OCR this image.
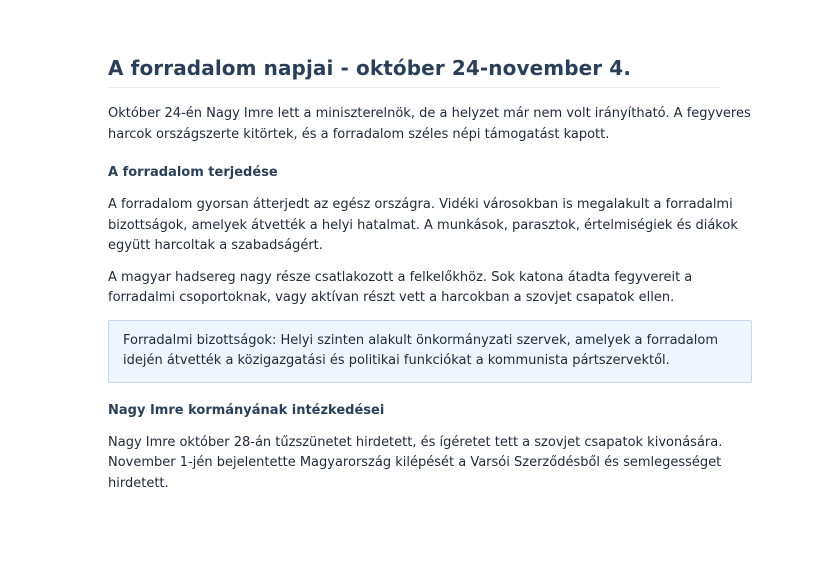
A forradalom napjai - október 24-november 4.

Október 24-én Nagy Imre lett a miniszterelnök, de a helyzet már nem volt irányítható. A fegyveres harcok országszerte kitörtek, és a forradalom széles népi támogatást kapott.

A forradalom terjedése

A forradalom gyorsan átterjedt az egész országra. Vidéki városokban is megalakult a forradalmi bizottságok, amelyek átvették a helyi hatalmat. A munkások, parasztok, értelmiségiek és diákok együtt harcoltak a szabadságért.

A magyar hadsereg nagy része csatlakozott a felkelőkhöz. Sok katona átadta fegyvereit a forradalmi csoportoknak, vagy aktívan részt vett a harcokban a szovjet csapatok ellen.

Forradalmi bizottságok: Helyi szinten alakult önkormányzati szervek, amelyek a forradalom idején átvették a közigazgatási és politikai funkciókat a kommunista pártszervektől.

Nagy Imre kormányának intézkedései

Nagy Imre október 28-án tűzszünetet hirdetett, és ígéretet tett a szovjet csapatok kivonására. November 1-jén bejelentette Magyarország kilépését a Varsói Szerződésből és semlegességet hirdetett.
